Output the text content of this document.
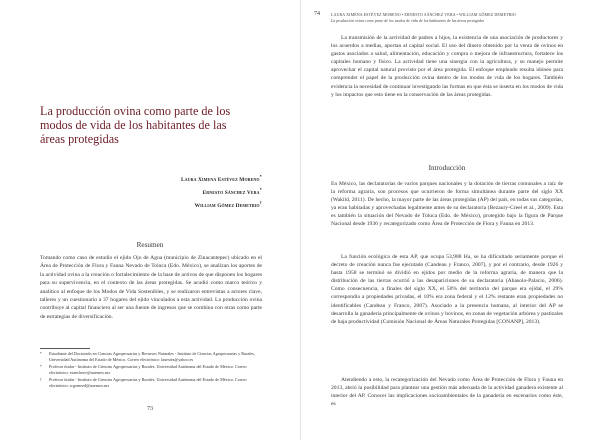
La producción ovina como parte de los modos de vida de los habitantes de las áreas protegidas
Laura Ximena Estévez Moreno*
Ernesto Sánchez Vera*
William Gómez Demetrio†
Resumen

Tomando como caso de estudio el ejido Ojo de Agua (municipio de Zinacantepec) ubicado en el Área de Protección de Flora y Fauna Nevado de Toluca (Edo. México), se analizan los aportes de la actividad ovina a la creación o fortalecimiento de la base de activos de que disponen los hogares para su supervivencia, en el contexto de las áreas protegidas. Se acudió como marco teórico y analítico al enfoque de los Modos de Vida Sostenibles, y se realizaron entrevistas a actores clave, talleres y un cuestionario a 37 hogares del ejido vinculados a esta actividad. La producción ovina contribuye al capital financiero al ser una fuente de ingresos que se combina con otras como parte de estrategias de diversificación.

* Estudiante del Doctorado en Ciencias Agropecuarias y Recursos Naturales - Instituto de Ciencias Agropecuarias y Rurales, Universidad Autónoma del Estado de México. Correo electrónico: lauestez@yahoo.es
* Profesor titular - Instituto de Ciencias Agropecuarias y Rurales, Universidad Autónoma del Estado de México. Correo electrónico: esanchezv@uaemex.mx
† Profesor titular - Instituto de Ciencias Agropecuarias y Rurales, Universidad Autónoma del Estado de México. Correo electrónico: wgomezd@uaemex.mx
73
74	LAURA XIMENA ESTÉVEZ MORENO • ERNESTO SÁNCHEZ VERA • WILLIAM GÓMEZ DEMETRIO
La producción ovina como parte de los modos de vida de los habitantes de las áreas protegidas

La transmisión de la actividad de padres a hijos, la existencia de una asociación de productores y los acuerdos a medias, aportan al capital social. El uso del dinero obtenido por la venta de ovinos en gastos asociados a salud, alimentación, educación y compra o mejora de infraestructura, fortalece los capitales humano y físico. La actividad tiene una sinergia con la agricultura, y su manejo permite aprovechar el capital natural provisto por el área protegida. El enfoque empleado resulta idóneo para comprender el papel de la producción ovina dentro de los modos de vida de los hogares. También evidencia la necesidad de continuar investigando las formas en que ésta se inserta en los modos de vida y los impactos que esto tiene en la conservación de las áreas protegidas.

Introducción

En México, las declaratorias de varios parques nacionales y la dotación de tierras comunales a raíz de la reforma agraria, son procesos que ocurrieron de forma simultánea durante parte del siglo XX (Wakild, 2011). De hecho, la mayor parte de las áreas protegidas (AP) del país, en todas sus categorías, ya eran habitadas y aprovechadas legalmente antes de su declaratoria (Bezaury-Creel et al., 2009). Esta es también la situación del Nevado de Toluca (Edo. de México), protegido bajo la figura de Parque Nacional desde 1936 y recategorizado como Área de Protección de Flora y Fauna en 2013.

La función ecológica de esta AP, que ocupa 53,988 Ha, se ha dificultado seriamente porque el decreto de creación nunca fue ejecutado (Candeau y Franco, 2007), y por el contrario, desde 1926 y hasta 1958 se terminó se dividió en ejidos por medio de la reforma agraria, de manera que la distribución de las tierras ocurrió a las desapariciones de su declaratoria (Abasolo-Palacio, 2006). Como consecuencia, a finales del siglo XX, el 50% del territorio del parque era ejidal, el 29% correspondía a propiedades privadas, el 10% era zona federal y el 12% restante eran propiedades no identificables (Candeau y Franco, 2007). Asociado a la presencia humana, al interior del AP se desarrolla la ganadería principalmente de ovinos y bovinos, en zonas de vegetación arbórea y pastizales de baja productividad (Comisión Nacional de Áreas Naturales Protegidas [CONANP], 2013).

Atendiendo a esto, la recategorización del Nevado como Área de Protección de Flora y Fauna en 2013, abrió la posibilidad para plantear una gestión más adecuada de la actividad ganadera existente al interior del AP. Conocer las implicaciones socioambientales de la ganadería en escenarios como éste, es
